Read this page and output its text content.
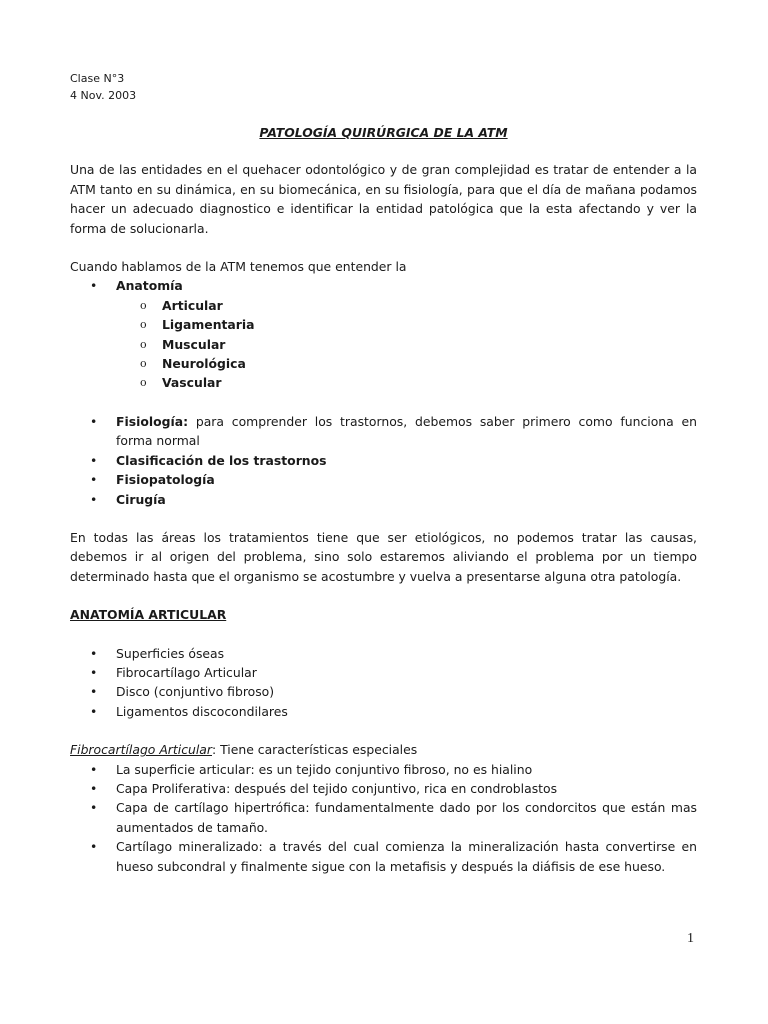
Clase N°3
4 Nov. 2003
PATOLOGÍA QUIRÚRGICA DE LA ATM

Una de las entidades en el quehacer odontológico y de gran complejidad es tratar de entender a la ATM tanto en su dinámica, en su biomecánica, en su fisiología, para que el día de mañana podamos hacer un adecuado diagnostico e identificar la entidad patológica que la esta afectando y ver la forma de solucionarla.

Cuando hablamos de la ATM tenemos que entender la
• Anatomía
o Articular
o Ligamentaria
o Muscular
o Neurológica
o Vascular
• Fisiología: para comprender los trastornos, debemos saber primero como funciona en forma normal

• Clasificación de los trastornos
• Fisiopatología
• Cirugía

En todas las áreas los tratamientos tiene que ser etiológicos, no podemos tratar las causas, debemos ir al origen del problema, sino solo estaremos aliviando el problema por un tiempo determinado hasta que el organismo se acostumbre y vuelva a presentarse alguna otra patología.

ANATOMÍA ARTICULAR
• Superficies óseas
• Fibrocartílago Articular
• Disco (conjuntivo fibroso)
• Ligamentos discocondilares
Fibrocartílago Articular: Tiene características especiales
• La superficie articular: es un tejido conjuntivo fibroso, no es hialino

• Capa Proliferativa: después del tejido conjuntivo, rica en condroblastos

• Capa de cartílago hipertrófica: fundamentalmente dado por los condorcitos que están mas aumentados de tamaño.

• Cartílago mineralizado: a través del cual comienza la mineralización hasta convertirse en hueso subcondral y finalmente sigue con la metafisis y después la diáfisis de ese hueso.

1
